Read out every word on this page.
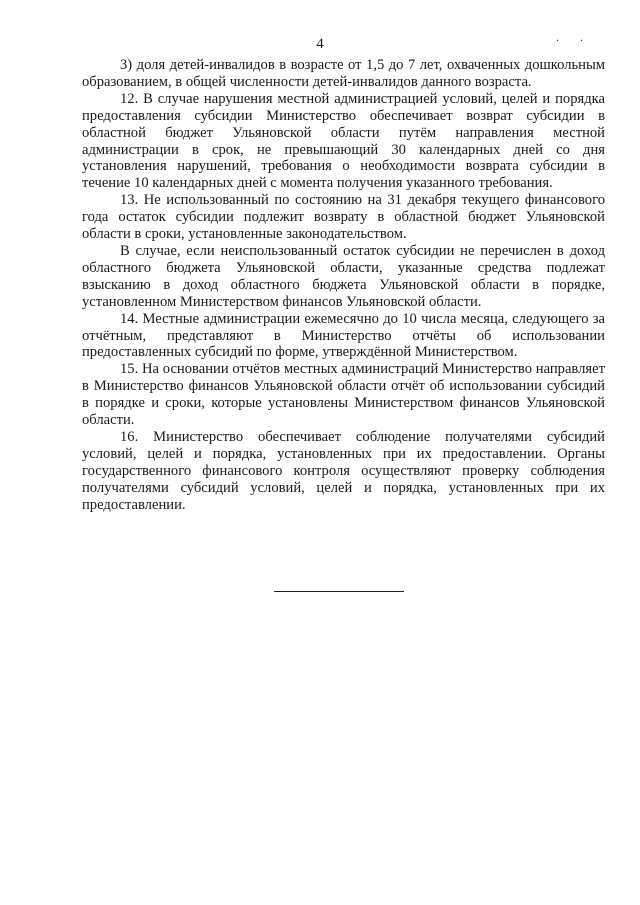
4	. .

3) доля детей-инвалидов в возрасте от 1,5 до 7 лет, охваченных дошкольным образованием, в общей численности детей-инвалидов данного возраста.

12. В случае нарушения местной администрацией условий, целей и порядка предоставления субсидии Министерство обеспечивает возврат субсидии в областной бюджет Ульяновской области путём направления местной администрации в срок, не превышающий 30 календарных дней со дня установления нарушений, требования о необходимости возврата субсидии в течение 10 календарных дней с момента получения указанного требования.

13. Не использованный по состоянию на 31 декабря текущего финансового года остаток субсидии подлежит возврату в областной бюджет Ульяновской области в сроки, установленные законодательством.

В случае, если неиспользованный остаток субсидии не перечислен в доход областного бюджета Ульяновской области, указанные средства подлежат взысканию в доход областного бюджета Ульяновской области в порядке, установленном Министерством финансов Ульяновской области.

14. Местные администрации ежемесячно до 10 числа месяца, следующего за отчётным, представляют в Министерство отчёты об использовании предоставленных субсидий по форме, утверждённой Министерством.

15. На основании отчётов местных администраций Министерство направляет в Министерство финансов Ульяновской области отчёт об использовании субсидий в порядке и сроки, которые установлены Министерством финансов Ульяновской области.

16. Министерство обеспечивает соблюдение получателями субсидий условий, целей и порядка, установленных при их предоставлении. Органы государственного финансового контроля осуществляют проверку соблюдения получателями субсидий условий, целей и порядка, установленных при их предоставлении.
